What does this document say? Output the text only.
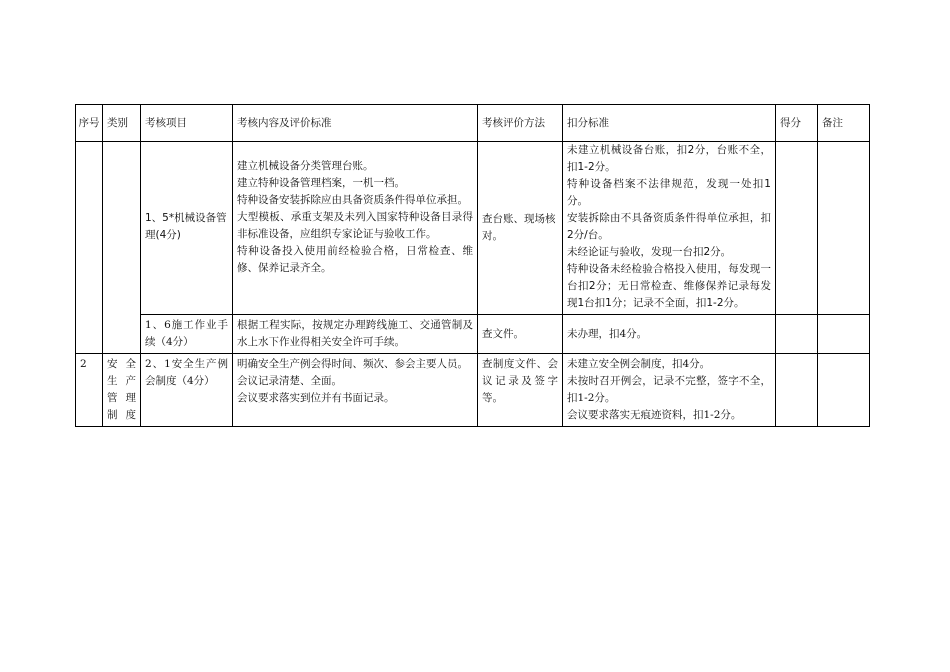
序号	类别	考核项目	考核内容及评价标准	考核评价方法	扣分标准	得分	备注
		1、5*机械设备管理(4分)	建立机械设备分类管理台账。
建立特种设备管理档案，一机一档。
特种设备安装拆除应由具备资质条件得单位承担。
大型模板、承重支架及未列入国家特种设备目录得非标准设备，应组织专家论证与验收工作。
特种设备投入使用前经检验合格，日常检查、维修、保养记录齐全。	查台账、现场核对。	未建立机械设备台账，扣2分，台账不全，扣1-2分。
特种设备档案不法律规范，发现一处扣1分。
安装拆除由不具备资质条件得单位承担，扣2分/台。
未经论证与验收，发现一台扣2分。
特种设备未经检验合格投入使用，每发现一台扣2分；无日常检查、维修保养记录每发现1台扣1分；记录不全面，扣1-2分。		

		1、6施工作业手续（4分）	根据工程实际，按规定办理跨线施工、交通管制及水上水下作业得相关安全许可手续。	查文件。	未办理，扣4分。		

2	安全生产管理制度	2、1安全生产例会制度（4分）	明确安全生产例会得时间、频次、参会主要人员。
会议记录清楚、全面。
会议要求落实到位并有书面记录。	查制度文件、会议记录及签字等。	未建立安全例会制度，扣4分。
未按时召开例会，记录不完整，签字不全，扣1-2分。
会议要求落实无痕迹资料，扣1-2分。		
